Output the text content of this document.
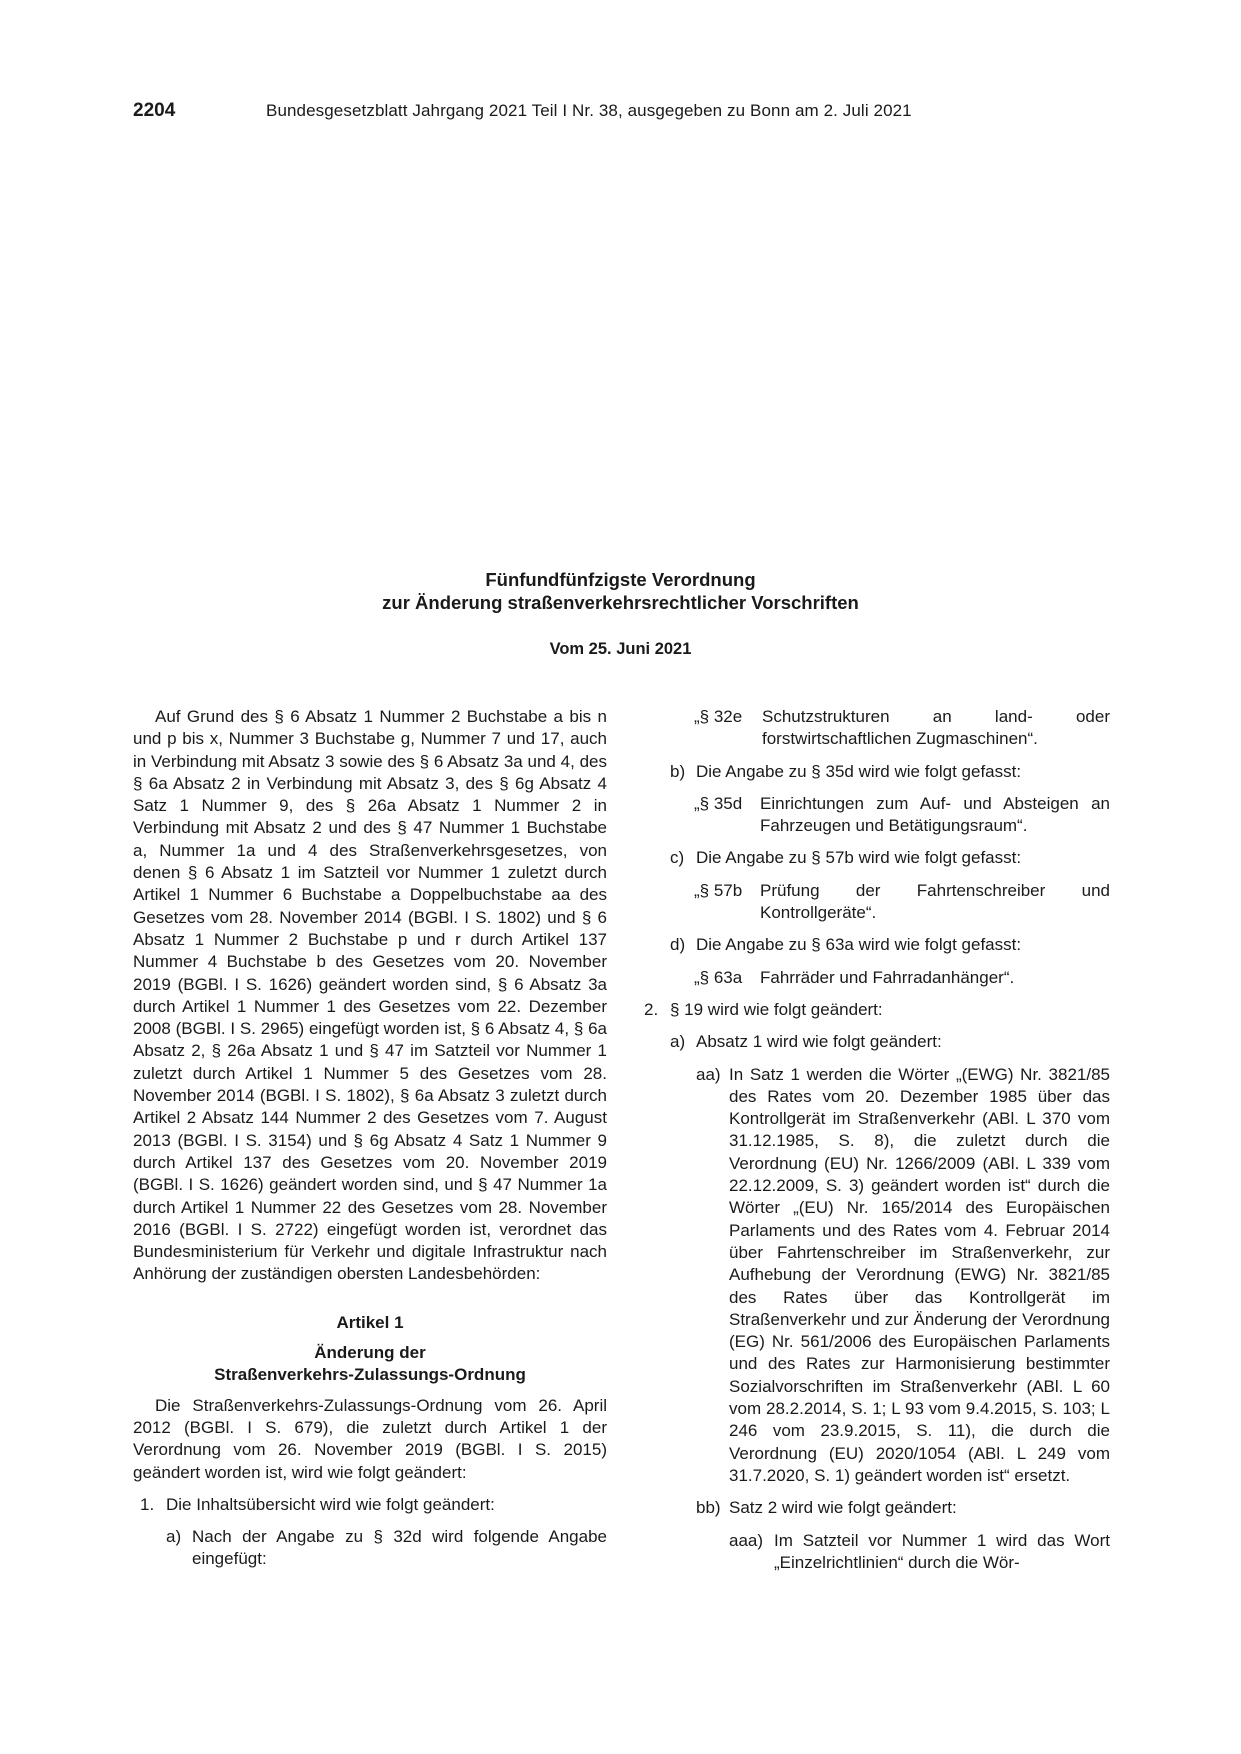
2204	Bundesgesetzblatt Jahrgang 2021 Teil I Nr. 38, ausgegeben zu Bonn am 2. Juli 2021
Fünfundfünfzigste Verordnung
zur Änderung straßenverkehrsrechtlicher Vorschriften
Vom 25. Juni 2021

Auf Grund des § 6 Absatz 1 Nummer 2 Buchstabe a bis n und p bis x, Nummer 3 Buchstabe g, Nummer 7 und 17, auch in Verbindung mit Absatz 3 sowie des § 6 Absatz 3a und 4, des § 6a Absatz 2 in Verbindung mit Absatz 3, des § 6g Absatz 4 Satz 1 Nummer 9, des § 26a Absatz 1 Nummer 2 in Verbindung mit Absatz 2 und des § 47 Nummer 1 Buchstabe a, Nummer 1a und 4 des Straßenverkehrsgesetzes, von denen § 6 Absatz 1 im Satzteil vor Nummer 1 zuletzt durch Artikel 1 Nummer 6 Buchstabe a Doppelbuchstabe aa des Gesetzes vom 28. November 2014 (BGBl. I S. 1802) und § 6 Absatz 1 Nummer 2 Buchstabe p und r durch Artikel 137 Nummer 4 Buchstabe b des Gesetzes vom 20. November 2019 (BGBl. I S. 1626) geändert worden sind, § 6 Absatz 3a durch Artikel 1 Nummer 1 des Gesetzes vom 22. Dezember 2008 (BGBl. I S. 2965) eingefügt worden ist, § 6 Absatz 4, § 6a Absatz 2, § 26a Absatz 1 und § 47 im Satzteil vor Nummer 1 zuletzt durch Artikel 1 Nummer 5 des Gesetzes vom 28. November 2014 (BGBl. I S. 1802), § 6a Absatz 3 zuletzt durch Artikel 2 Absatz 144 Nummer 2 des Gesetzes vom 7. August 2013 (BGBl. I S. 3154) und § 6g Absatz 4 Satz 1 Nummer 9 durch Artikel 137 des Gesetzes vom 20. November 2019 (BGBl. I S. 1626) geändert worden sind, und § 47 Nummer 1a durch Artikel 1 Nummer 22 des Gesetzes vom 28. November 2016 (BGBl. I S. 2722) eingefügt worden ist, verordnet das Bundesministerium für Verkehr und digitale Infrastruktur nach Anhörung der zuständigen obersten Landesbehörden:

Artikel 1

Änderung der

Straßenverkehrs-Zulassungs-Ordnung

Die Straßenverkehrs-Zulassungs-Ordnung vom 26. April 2012 (BGBl. I S. 679), die zuletzt durch Artikel 1 der Verordnung vom 26. November 2019 (BGBl. I S. 2015) geändert worden ist, wird wie folgt geändert:

1. Die Inhaltsübersicht wird wie folgt geändert:
a) Nach der Angabe zu § 32d wird folgende Angabe eingefügt:
„§ 32e Schutzstrukturen an land- oder forstwirtschaftlichen Zugmaschinen“.
b) Die Angabe zu § 35d wird wie folgt gefasst:
„§ 35d Einrichtungen zum Auf- und Absteigen an Fahrzeugen und Betätigungsraum“.
c) Die Angabe zu § 57b wird wie folgt gefasst:
„§ 57b Prüfung der Fahrtenschreiber und Kontrollgeräte“.
d) Die Angabe zu § 63a wird wie folgt gefasst:
„§ 63a Fahrräder und Fahrradanhänger“.
2. § 19 wird wie folgt geändert:
a) Absatz 1 wird wie folgt geändert:
aa) In Satz 1 werden die Wörter „(EWG) Nr. 3821/85 des Rates vom 20. Dezember 1985 über das Kontrollgerät im Straßenverkehr (ABl. L 370 vom 31.12.1985, S. 8), die zuletzt durch die Verordnung (EU) Nr. 1266/2009 (ABl. L 339 vom 22.12.2009, S. 3) geändert worden ist“ durch die Wörter „(EU) Nr. 165/2014 des Europäischen Parlaments und des Rates vom 4. Februar 2014 über Fahrtenschreiber im Straßenverkehr, zur Aufhebung der Verordnung (EWG) Nr. 3821/85 des Rates über das Kontrollgerät im Straßenverkehr und zur Änderung der Verordnung (EG) Nr. 561/2006 des Europäischen Parlaments und des Rates zur Harmonisierung bestimmter Sozialvorschriften im Straßenverkehr (ABl. L 60 vom 28.2.2014, S. 1; L 93 vom 9.4.2015, S. 103; L 246 vom 23.9.2015, S. 11), die durch die Verordnung (EU) 2020/1054 (ABl. L 249 vom 31.7.2020, S. 1) geändert worden ist“ ersetzt.
bb) Satz 2 wird wie folgt geändert:
aaa) Im Satzteil vor Nummer 1 wird das Wort „Einzelrichtlinien“ durch die Wör-
